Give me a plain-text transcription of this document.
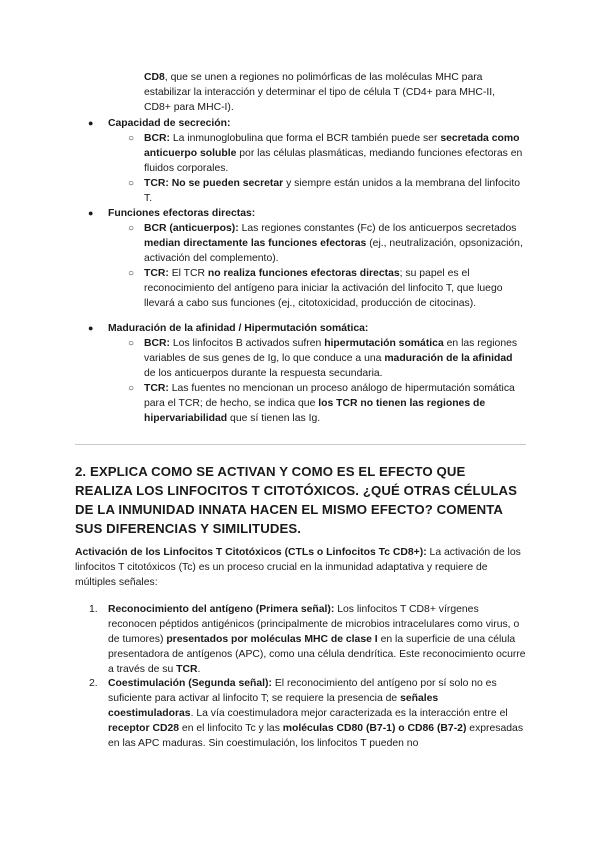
CD8, que se unen a regiones no polimórficas de las moléculas MHC para estabilizar la interacción y determinar el tipo de célula T (CD4+ para MHC-II, CD8+ para MHC-I).
● Capacidad de secreción:
○ BCR: La inmunoglobulina que forma el BCR también puede ser secretada como anticuerpo soluble por las células plasmáticas, mediando funciones efectoras en fluidos corporales.
○ TCR: No se pueden secretar y siempre están unidos a la membrana del linfocito T.
● Funciones efectoras directas:
○ BCR (anticuerpos): Las regiones constantes (Fc) de los anticuerpos secretados median directamente las funciones efectoras (ej., neutralización, opsonización, activación del complemento).
○ TCR: El TCR no realiza funciones efectoras directas; su papel es el reconocimiento del antígeno para iniciar la activación del linfocito T, que luego llevará a cabo sus funciones (ej., citotoxicidad, producción de citocinas).
● Maduración de la afinidad / Hipermutación somática:
○ BCR: Los linfocitos B activados sufren hipermutación somática en las regiones variables de sus genes de Ig, lo que conduce a una maduración de la afinidad de los anticuerpos durante la respuesta secundaria.
○ TCR: Las fuentes no mencionan un proceso análogo de hipermutación somática para el TCR; de hecho, se indica que los TCR no tienen las regiones de hipervariabilidad que sí tienen las Ig.
2. EXPLICA COMO SE ACTIVAN Y COMO ES EL EFECTO QUE REALIZA LOS LINFOCITOS T CITOTÓXICOS. ¿QUÉ OTRAS CÉLULAS DE LA INMUNIDAD INNATA HACEN EL MISMO EFECTO? COMENTA SUS DIFERENCIAS Y SIMILITUDES.
Activación de los Linfocitos T Citotóxicos (CTLs o Linfocitos Tc CD8+): La activación de los linfocitos T citotóxicos (Tc) es un proceso crucial en la inmunidad adaptativa y requiere de múltiples señales:
1. Reconocimiento del antígeno (Primera señal): Los linfocitos T CD8+ vírgenes reconocen péptidos antigénicos (principalmente de microbios intracelulares como virus, o de tumores) presentados por moléculas MHC de clase I en la superficie de una célula presentadora de antígenos (APC), como una célula dendrítica. Este reconocimiento ocurre a través de su TCR.
2. Coestimulación (Segunda señal): El reconocimiento del antígeno por sí solo no es suficiente para activar al linfocito T; se requiere la presencia de señales coestimuladoras. La vía coestimuladora mejor caracterizada es la interacción entre el receptor CD28 en el linfocito Tc y las moléculas CD80 (B7-1) o CD86 (B7-2) expresadas en las APC maduras. Sin coestimulación, los linfocitos T pueden no
